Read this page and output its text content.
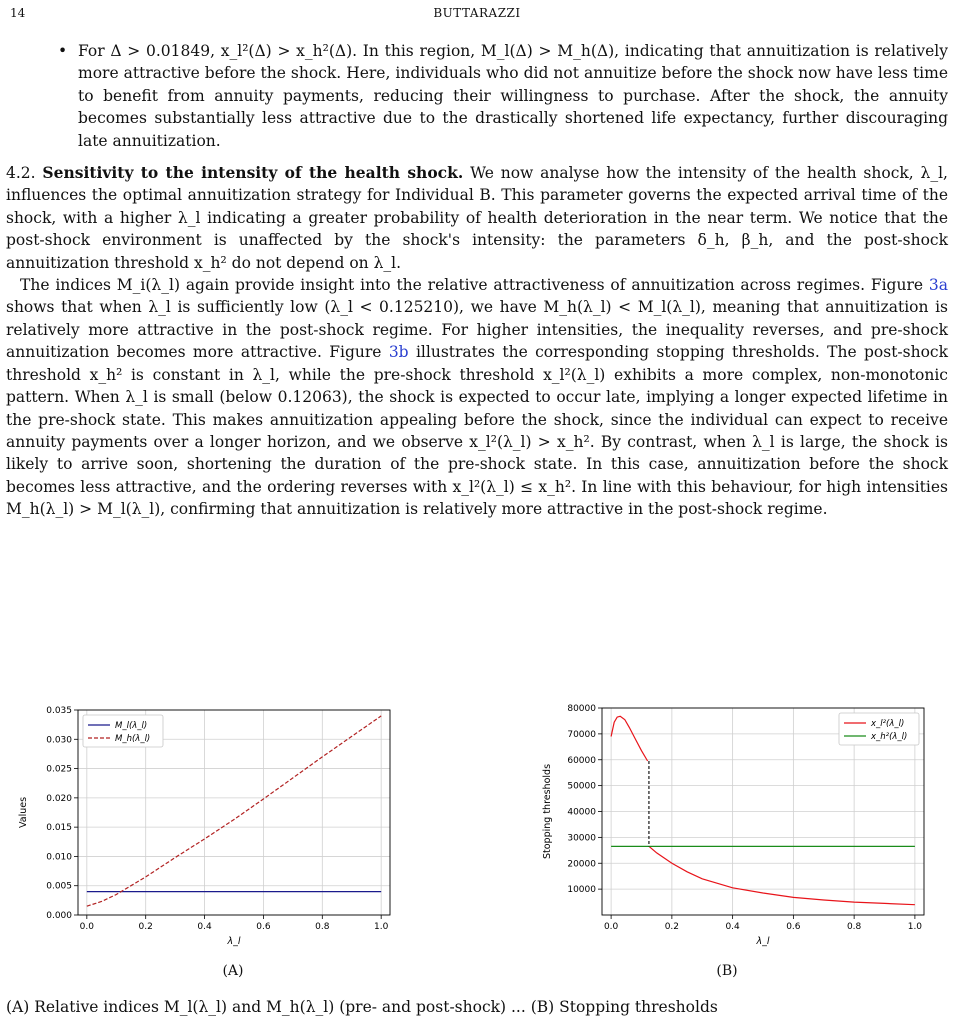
14	BUTTARAZZI
• For Δ > 0.01849, x_l²(Δ) > x_h²(Δ). In this region, M_l(Δ) > M_h(Δ), indicating that annuitization is relatively more attractive before the shock. Here, individuals who did not annuitize before the shock now have less time to benefit from annuity payments, reducing their willingness to purchase. After the shock, the annuity becomes substantially less attractive due to the drastically shortened life expectancy, further discouraging late annuitization.

4.2. Sensitivity to the intensity of the health shock. We now analyse how the intensity of the health shock, λ_l, influences the optimal annuitization strategy for Individual B. This parameter governs the expected arrival time of the shock, with a higher λ_l indicating a greater probability of health deterioration in the near term. We notice that the post-shock environment is unaffected by the shock's intensity: the parameters δ_h, β_h, and the post-shock annuitization threshold x_h² do not depend on λ_l.

The indices M_i(λ_l) again provide insight into the relative attractiveness of annuitization across regimes. Figure 3a shows that when λ_l is sufficiently low (λ_l < 0.125210), we have M_h(λ_l) < M_l(λ_l), meaning that annuitization is relatively more attractive in the post-shock regime. For higher intensities, the inequality reverses, and pre-shock annuitization becomes more attractive. Figure 3b illustrates the corresponding stopping thresholds. The post-shock threshold x_h² is constant in λ_l, while the pre-shock threshold x_l²(λ_l) exhibits a more complex, non-monotonic pattern. When λ_l is small (below 0.12063), the shock is expected to occur late, implying a longer expected lifetime in the pre-shock state. This makes annuitization appealing before the shock, since the individual can expect to receive annuity payments over a longer horizon, and we observe x_l²(λ_l) > x_h². By contrast, when λ_l is large, the shock is likely to arrive soon, shortening the duration of the pre-shock state. In this case, annuitization before the shock becomes less attractive, and the ordering reverses with x_l²(λ_l) ≤ x_h². In line with this behaviour, for high intensities M_h(λ_l) > M_l(λ_l), confirming that annuitization is relatively more attractive in the post-shock regime.

0.0	0.2	0.4	0.6	0.8	1.0
0.000
0.005
0.010
0.015
0.020
0.025
0.030
0.035
λ_l
Values
M_l(λ_l)
M_h(λ_l)
(A)
0.0	0.2	0.4	0.6	0.8	1.0
10000
20000
30000
40000
50000
60000
70000
80000
λ_l
Stopping thresholds
x_l²(λ_l)
x_h²(λ_l)
(B)
(A) Relative indices M_l(λ_l) and M_h(λ_l) (pre- and post-shock) ... (B) Stopping thresholds
